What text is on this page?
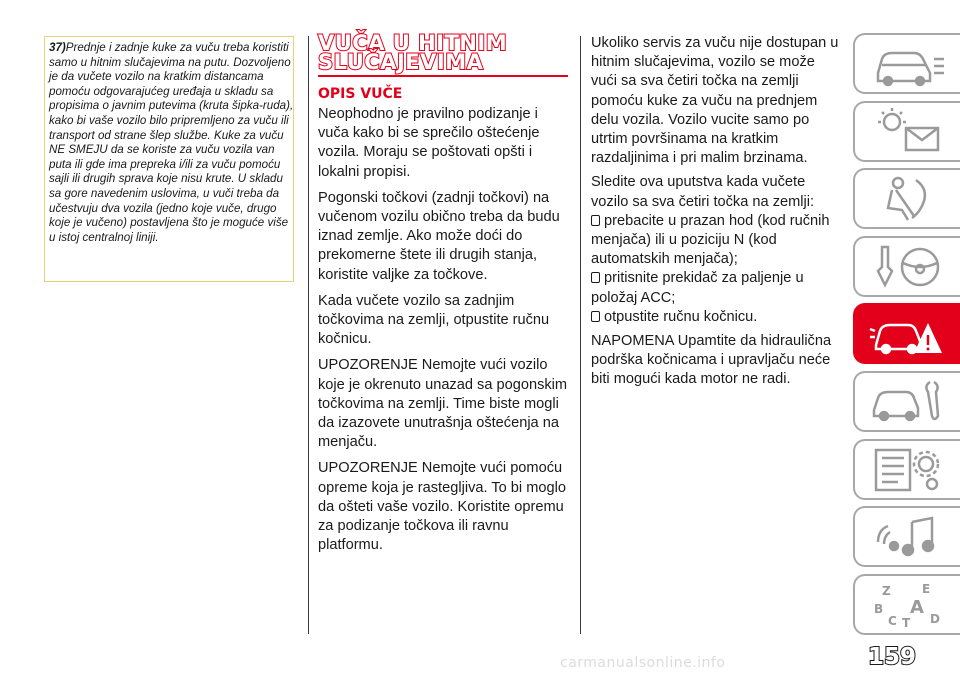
37)Prednje i zadnje kuke za vuču treba koristiti samo u hitnim slučajevima na putu. Dozvoljeno je da vučete vozilo na kratkim distancama pomoću odgovarajućeg uređaja u skladu sa propisima o javnim putevima (kruta šipka-ruda), kako bi vaše vozilo bilo pripremljeno za vuču ili transport od strane šlep službe. Kuke za vuču NE SMEJU da se koriste za vuču vozila van puta ili gde ima prepreka i/ili za vuču pomoću sajli ili drugih sprava koje nisu krute. U skladu sa gore navedenim uslovima, u vuči treba da učestvuju dva vozila (jedno koje vuče, drugo koje je vučeno) postavljena što je moguće više u istoj centralnoj liniji.

VUČA U HITNIM
SLUČAJEVIMA
OPIS VUČE

Neophodno je pravilno podizanje i vuča kako bi se sprečilo oštećenje vozila. Moraju se poštovati opšti i lokalni propisi.

Pogonski točkovi (zadnji točkovi) na vučenom vozilu obično treba da budu iznad zemlje. Ako može doći do prekomerne štete ili drugih stanja, koristite valjke za točkove.

Kada vučete vozilo sa zadnjim točkovima na zemlji, otpustite ručnu kočnicu.

UPOZORENJE Nemojte vući vozilo koje je okrenuto unazad sa pogonskim točkovima na zemlji. Time biste mogli da izazovete unutrašnja oštećenja na menjaču.

UPOZORENJE Nemojte vući pomoću opreme koja je rastegljiva. To bi moglo da ošteti vaše vozilo. Koristite opremu za podizanje točkova ili ravnu platformu.

Ukoliko servis za vuču nije dostupan u hitnim slučajevima, vozilo se može vući sa sva četiri točka na zemlji pomoću kuke za vuču na prednjem delu vozila. Vozilo vucite samo po utrtim površinama na kratkim razdaljinima i pri malim brzinama.

Sledite ova uputstva kada vučete vozilo sa sva četiri točka na zemlji:

prebacite u prazan hod (kod ručnih menjača) ili u poziciju N (kod automatskih menjača);

pritisnite prekidač za paljenje u položaj ACC;

otpustite ručnu kočnicu.

NAPOMENA Upamtite da hidraulična podrška kočnicama i upravljaču neće biti mogući kada motor ne radi.

Z	E
B A
C T D
159
carmanualsonline.info
